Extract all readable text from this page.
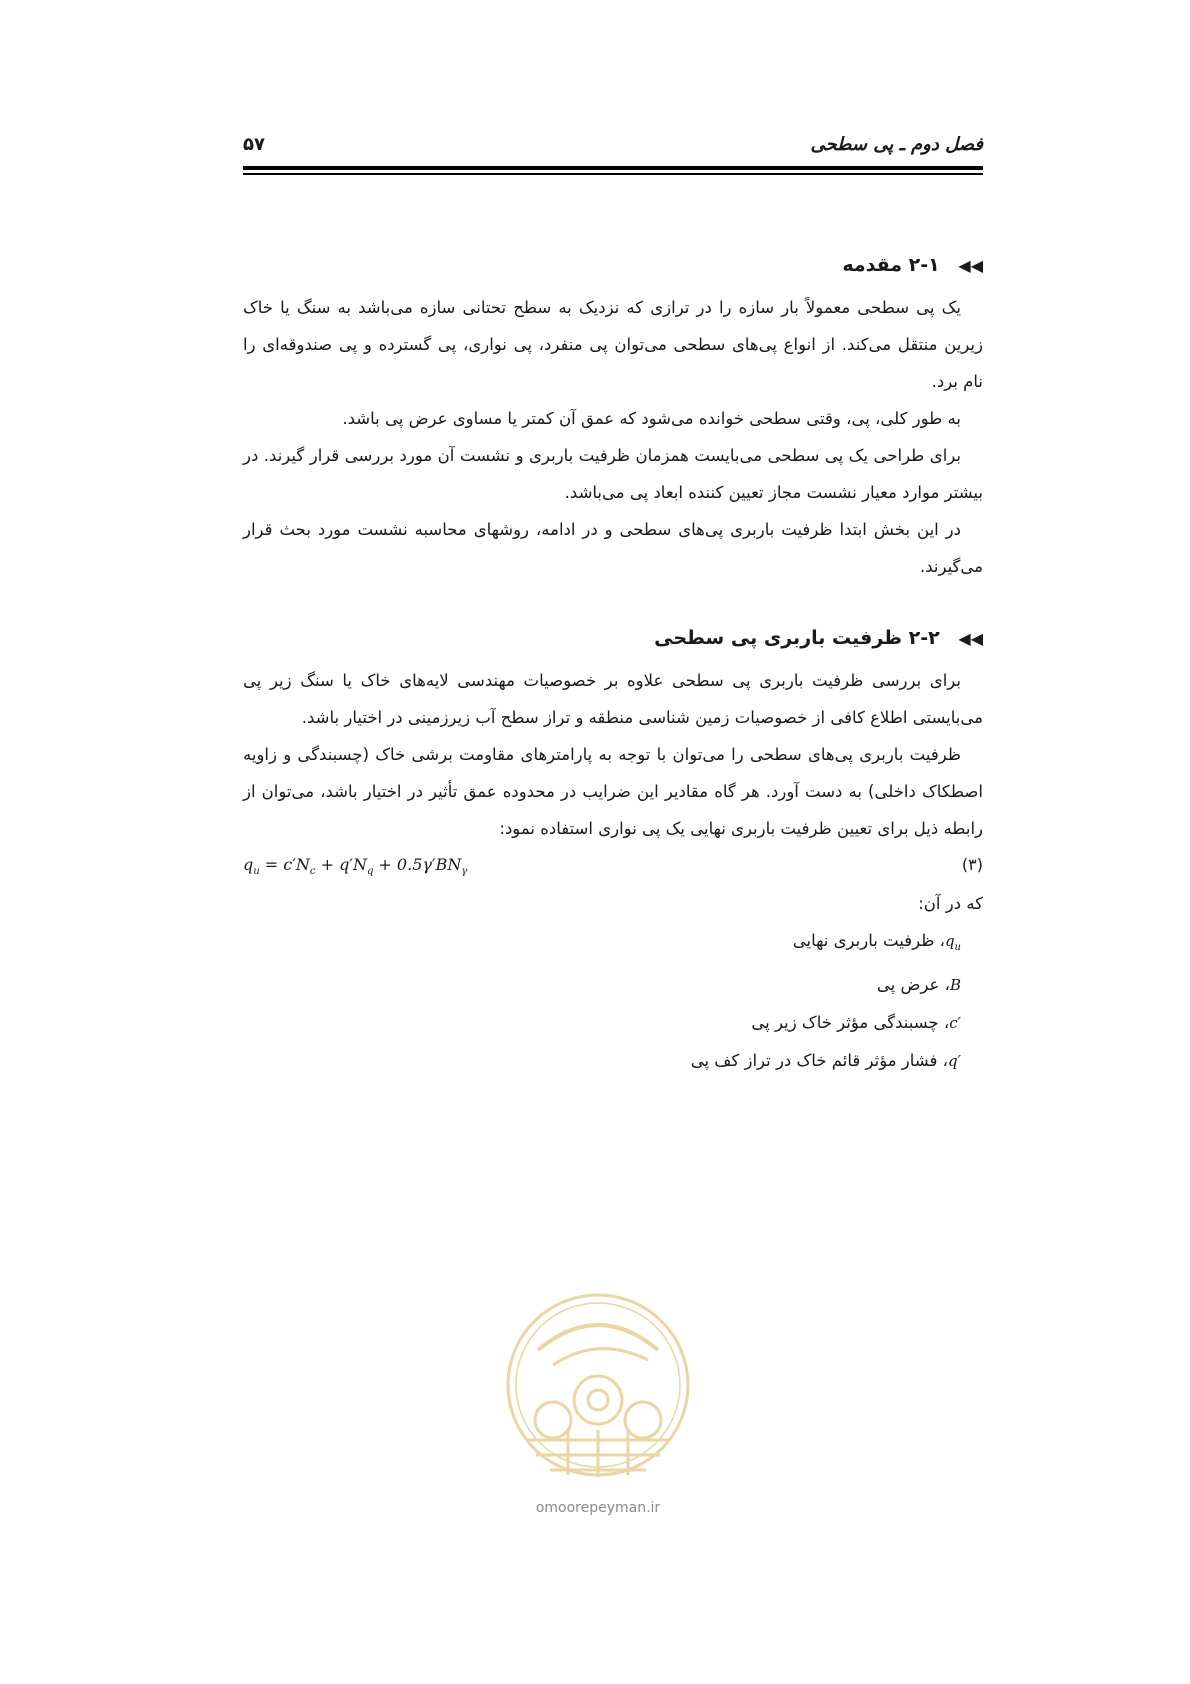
فصل دوم ـ پی سطحی
۵۷
◀◀ ۲-۱ مقدمه

یک پی سطحی معمولاً بار سازه را در ترازی که نزدیک به سطح تحتانی سازه می‌باشد به سنگ یا خاک زیرین منتقل می‌کند. از انواع پی‌های سطحی می‌توان پی منفرد، پی نواری، پی گسترده و پی صندوقه‌ای را نام برد.

به طور کلی، پی، وقتی سطحی خوانده می‌شود که عمق آن کمتر یا مساوی عرض پی باشد.

برای طراحی یک پی سطحی می‌بایست همزمان ظرفیت باربری و نشست آن مورد بررسی قرار گیرند. در بیشتر موارد معیار نشست مجاز تعیین کننده ابعاد پی می‌باشد.

در این بخش ابتدا ظرفیت باربری پی‌های سطحی و در ادامه، روشهای محاسبه نشست مورد بحث قرار می‌گیرند.

◀◀ ۲-۲ ظرفیت باربری پی سطحی

برای بررسی ظرفیت باربری پی سطحی علاوه بر خصوصیات مهندسی لایه‌های خاک یا سنگ زیر پی می‌بایستی اطلاع کافی از خصوصیات زمین شناسی منطقه و تراز سطح آب زیرزمینی در اختیار باشد.

ظرفیت باربری پی‌های سطحی را می‌توان با توجه به پارامترهای مقاومت برشی خاک (چسبندگی و زاویه اصطکاک داخلی) به دست آورد. هر گاه مقادیر این ضرایب در محدوده عمق تأثیر در اختیار باشد، می‌توان از رابطه ذیل برای تعیین ظرفیت باربری نهایی یک پی نواری استفاده نمود:

$q_u = c'N_c + q'N_q + 0.5\gamma'BN_\gamma$	(۳)

که در آن:

$q_u،$ ظرفیت باربری نهایی

B، عرض پی

c′، چسبندگی مؤثر خاک زیر پی

q′، فشار مؤثر قائم خاک در تراز کف پی

omoorepeyman.ir
